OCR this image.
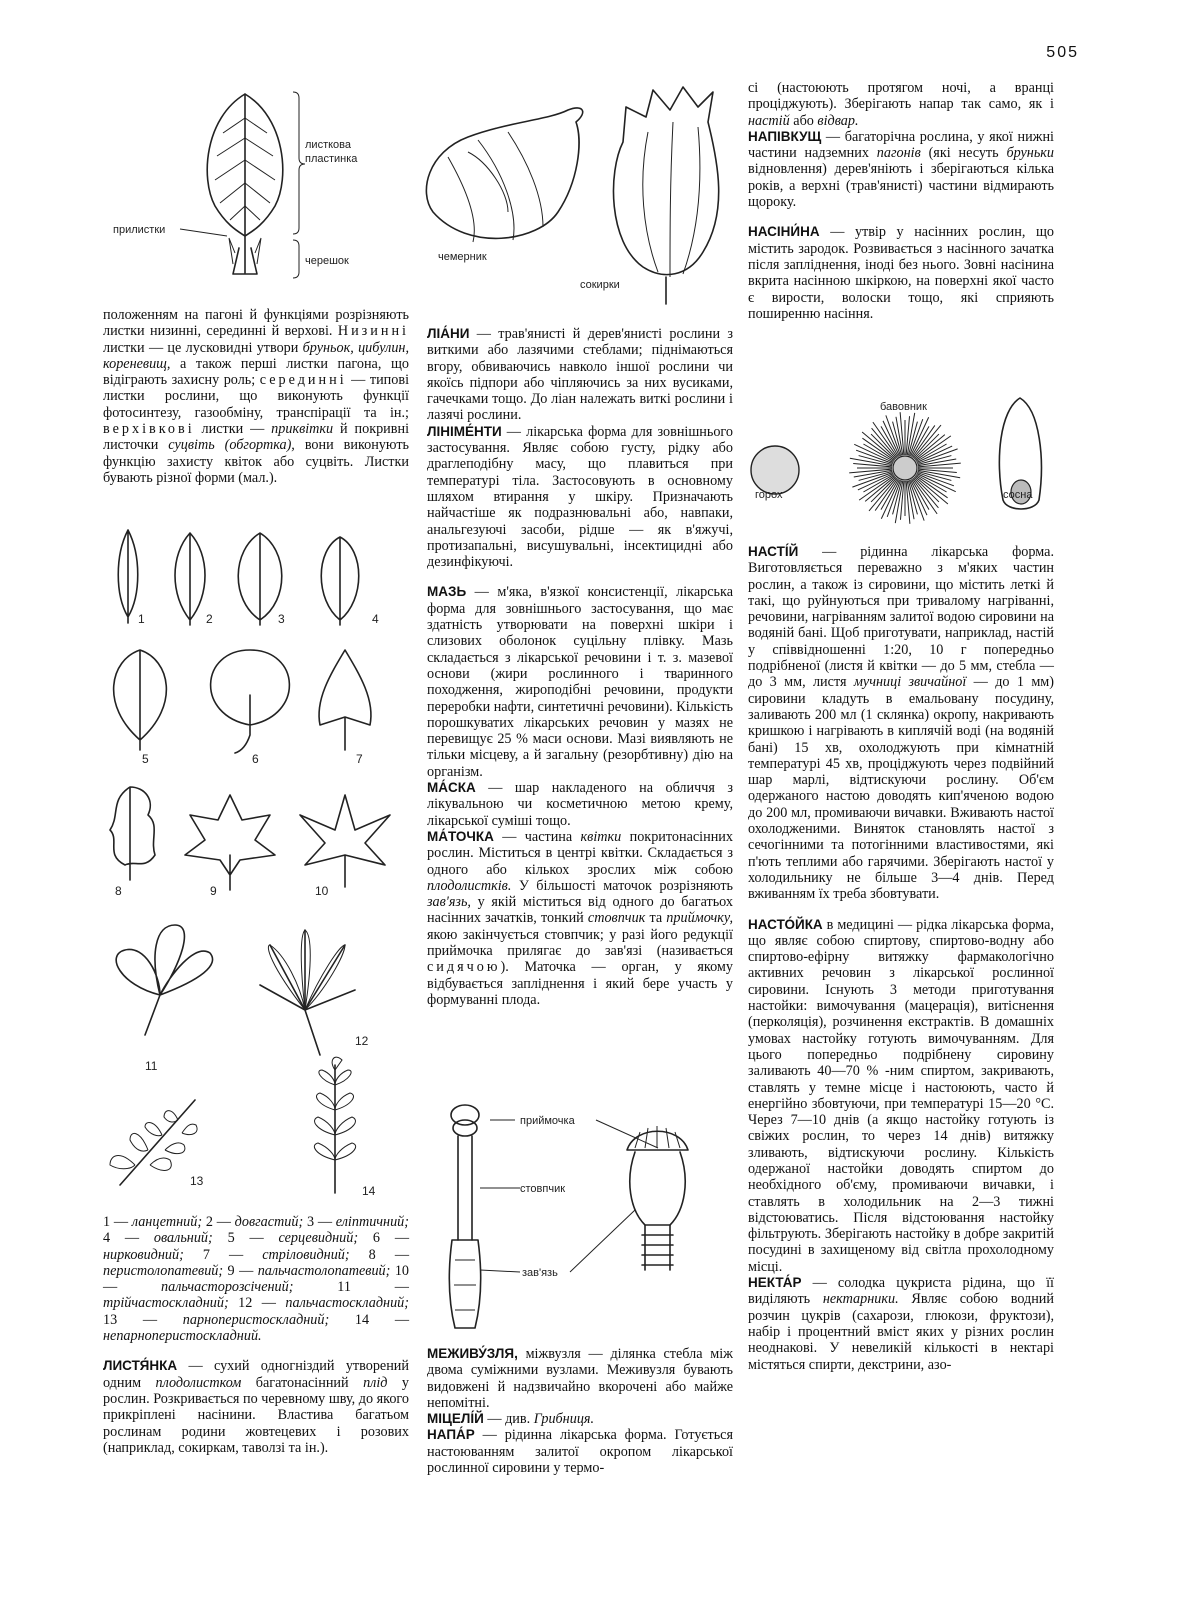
505
листкова
пластинка
прилистки
черешок	чемерник
сокирки

положенням на пагоні й функціями розрізняють листки низинні, серединні й верхові. Низинні листки — це лусковидні утвори бруньок, цибулин, кореневищ, а також перші листки пагона, що відіграють захисну роль; серединні — типові листки рослини, що виконують функції фотосинтезу, газообміну, транспірації та ін.; верхівкові листки — приквітки й покривні листочки суцвіть (обгортка), вони виконують функцію захисту квіток або суцвіть. Листки бувають різної форми (мал.).

1	2	3	4
5	6	7
8	9	10
11
12
13
14

1 — ланцетний; 2 — довгастий; 3 — еліптичний; 4 — овальний; 5 — серцевидний; 6 — нирковидний; 7 — стріловидний; 8 — перистолопатевий; 9 — пальчастолопатевий; 10 — пальчасторозсічений; 11 — трійчастоскладний; 12 — пальчастоскладний; 13 — парноперистоскладний; 14 — непарноперистоскладний.

ЛИСТЯ́НКА — сухий одногніздий утворений одним плодолистком багатонасінний плід у рослин. Розкривається по черевному шву, до якого прикріплені насінини. Властива багатьом рослинам родини жовтецевих і розових (наприклад, сокиркам, таволзі та ін.).

ЛІА́НИ — трав'янисті й дерев'янисті рослини з виткими або лазячими стеблами; піднімаються вгору, обвиваючись навколо іншої рослини чи якоїсь підпори або чіпляючись за них вусиками, гачечками тощо. До ліан належать виткі рослини і лазячі рослини.

ЛІНІМЕ́НТИ — лікарська форма для зовнішнього застосування. Являє собою густу, рідку або драглеподібну масу, що плавиться при температурі тіла. Застосовують в основному шляхом втирання у шкіру. Призначають найчастіше як подразнювальні або, навпаки, анальгезуючі засоби, рідше — як в'яжучі, протизапальні, висушувальні, інсектицидні або дезинфікуючі.

МАЗЬ — м'яка, в'язкої консистенції, лікарська форма для зовнішнього застосування, що має здатність утворювати на поверхні шкіри і слизових оболонок суцільну плівку. Мазь складається з лікарської речовини і т. з. мазевої основи (жири рослинного і тваринного походження, жироподібні речовини, продукти переробки нафти, синтетичні речовини). Кількість порошкуватих лікарських речовин у мазях не перевищує 25 % маси основи. Мазі виявляють не тільки місцеву, а й загальну (резорбтивну) дію на організм.

МА́СКА — шар накладеного на обличчя з лікувальною чи косметичною метою крему, лікарської суміші тощо.

МА́ТОЧКА — частина квітки покритонасінних рослин. Міститься в центрі квітки. Складається з одного або кількох зрослих між собою плодолистків. У більшості маточок розрізняють зав'язь, у якій міститься від одного до багатьох насінних зачатків, тонкий стовпчик та приймочку, якою закінчується стовпчик; у разі його редукції приймочка прилягає до зав'язі (називається сидячою). Маточка — орган, у якому відбувається запліднення і який бере участь у формуванні плода.

приймочка
стовпчик
зав'язь

МЕЖИВУ́ЗЛЯ, міжвузля — ділянка стебла між двома суміжними вузлами. Меживузля бувають видовжені й надзвичайно вкорочені або майже непомітні.

МІЦЕЛІ́Й — див. Грибниця.

НАПА́Р — рідинна лікарська форма. Готується настоюванням залитої окропом лікарської рослинної сировини у термо-

сі (настоюють протягом ночі, а вранці проціджують). Зберігають напар так само, як і настій або відвар.

НАПІВКУЩ — багаторічна рослина, у якої нижні частини надземних пагонів (які несуть бруньки відновлення) дерев'яніють і зберігаються кілька років, а верхні (трав'янисті) частини відмирають щороку.

НАСІНИ́НА — утвір у насінних рослин, що містить зародок. Розвивається з насінного зачатка після запліднення, іноді без нього. Зовні насінина вкрита насінною шкіркою, на поверхні якої часто є вирости, волоски тощо, які сприяють поширенню насіння.

горох
бавовник
сосна

НАСТІ́Й — рідинна лікарська форма. Виготовляється переважно з м'яких частин рослин, а також із сировини, що містить леткі й такі, що руйнуються при тривалому нагріванні, речовини, нагріванням залитої водою сировини на водяній бані. Щоб приготувати, наприклад, настій у співвідношенні 1:20, 10 г попередньо подрібненої (листя й квітки — до 5 мм, стебла — до 3 мм, листя мучниці звичайної — до 1 мм) сировини кладуть в емальовану посудину, заливають 200 мл (1 склянка) окропу, накривають кришкою і нагрівають в киплячій воді (на водяній бані) 15 хв, охолоджують при кімнатній температурі 45 хв, проціджують через подвійний шар марлі, відтискуючи рослину. Об'єм одержаного настою доводять кип'яченою водою до 200 мл, промиваючи вичавки. Вживають настої охолодженими. Виняток становлять настої з сечогінними та потогінними властивостями, які п'ють теплими або гарячими. Зберігають настої у холодильнику не більше 3—4 днів. Перед вживанням їх треба збовтувати.

НАСТО́ЙКА в медицині — рідка лікарська форма, що являє собою спиртову, спиртово-водну або спиртово-ефірну витяжку фармакологічно активних речовин з лікарської рослинної сировини. Існують 3 методи приготування настойки: вимочування (мацерація), витіснення (перколяція), розчинення екстрактів. В домашніх умовах настойку готують вимочуванням. Для цього попередньо подрібнену сировину заливають 40—70 % -ним спиртом, закривають, ставлять у темне місце і настоюють, часто й енергійно збовтуючи, при температурі 15—20 °С. Через 7—10 днів (а якщо настойку готують із свіжих рослин, то через 14 днів) витяжку зливають, відтискуючи рослину. Кількість одержаної настойки доводять спиртом до необхідного об'єму, промиваючи вичавки, і ставлять в холодильник на 2—3 тижні відстоюватись. Після відстоювання настойку фільтрують. Зберігають настойку в добре закритій посудині в захищеному від світла прохолодному місці.

НЕКТА́Р — солодка цукриста рідина, що її виділяють нектарники. Являє собою водний розчин цукрів (сахарози, глюкози, фруктози), набір і процентний вміст яких у різних рослин неоднакові. У невеликій кількості в нектарі містяться спирти, декстрини, азо-
